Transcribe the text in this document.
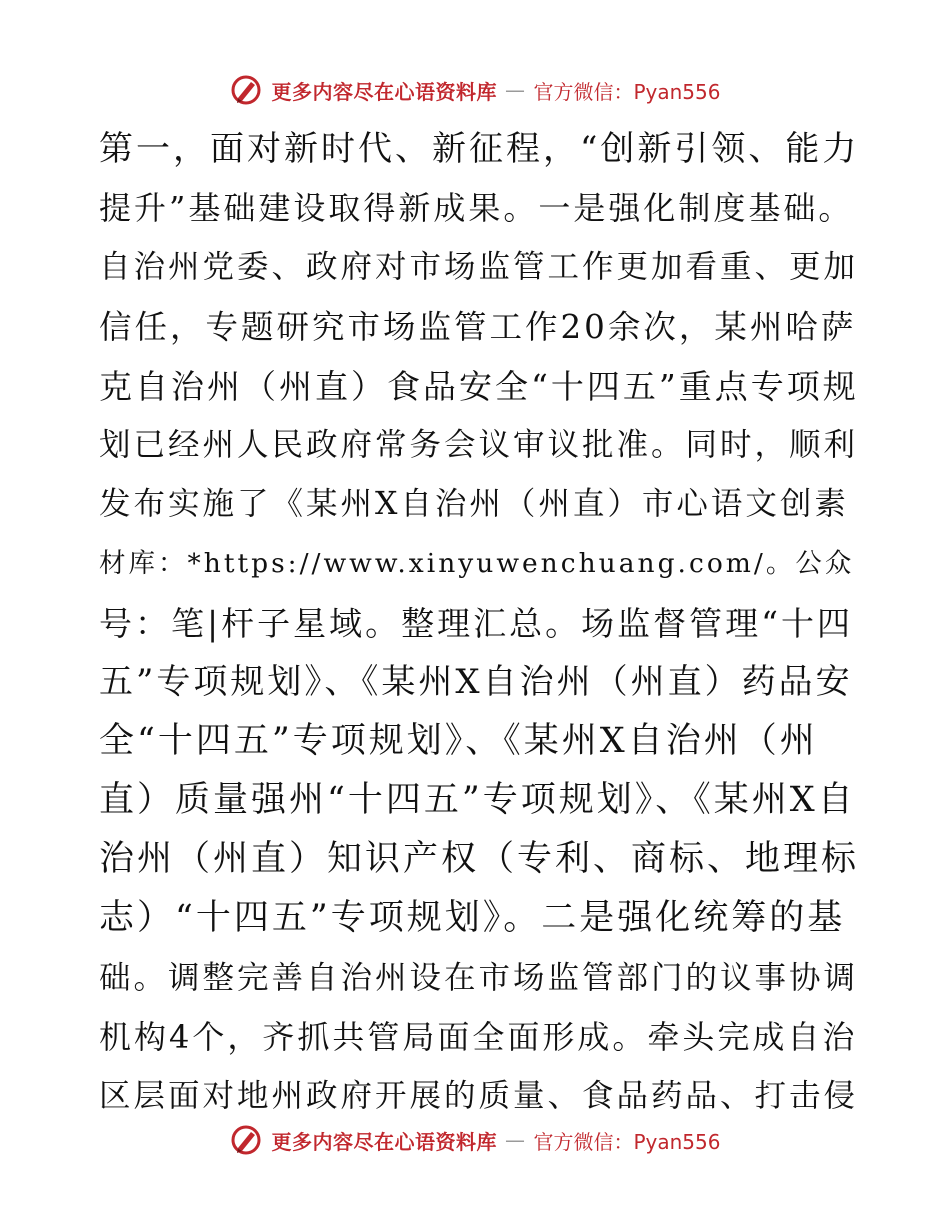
更多内容尽在心语资料库 — 官方微信：Pyan556
第一，面对新时代、新征程，“创新引领、能力
提升”基础建设取得新成果。一是强化制度基础。
自治州党委、政府对市场监管工作更加看重、更加
信任，专题研究市场监管工作20余次，某州哈萨
克自治州（州直）食品安全“十四五”重点专项规
划已经州人民政府常务会议审议批准。同时，顺利
发布实施了《某州X自治州（州直）市心语文创素
材库：*https://www.xinyuwenchuang.com/。公众
号：笔|杆子星域。整理汇总。场监督管理“十四
五”专项规划》、《某州X自治州（州直）药品安
全“十四五”专项规划》、《某州X自治州（州
直）质量强州“十四五”专项规划》、《某州X自
治州（州直）知识产权（专利、商标、地理标
志）“十四五”专项规划》。二是强化统筹的基
础。调整完善自治州设在市场监管部门的议事协调
机构4个，齐抓共管局面全面形成。牵头完成自治
区层面对地州政府开展的质量、食品药品、打击侵
更多内容尽在心语资料库 — 官方微信：Pyan556
